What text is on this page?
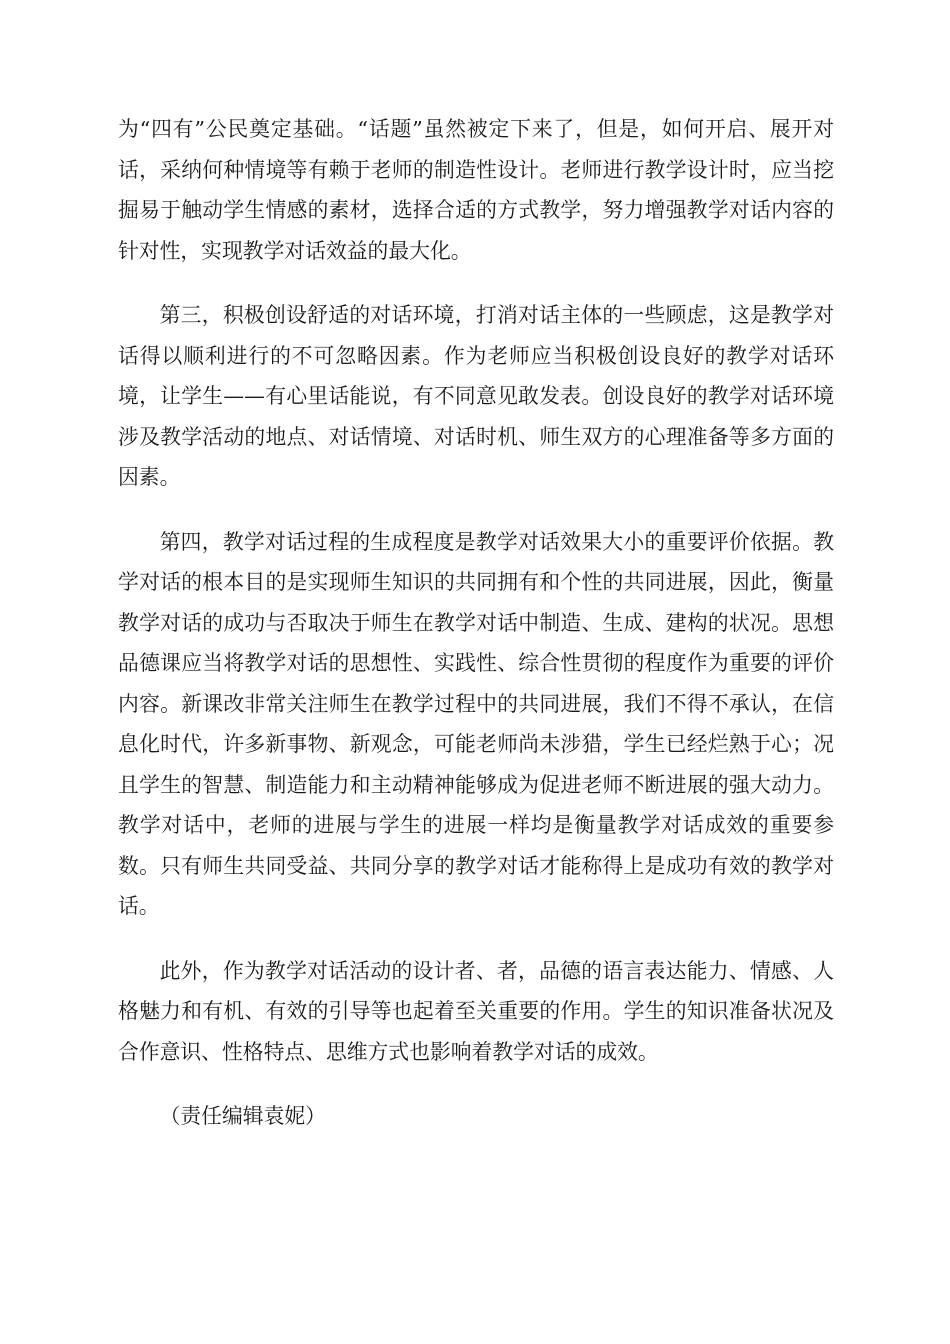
为“四有”公民奠定基础。“话题”虽然被定下来了，但是，如何开启、展开对话，采纳何种情境等有赖于老师的制造性设计。老师进行教学设计时，应当挖掘易于触动学生情感的素材，选择合适的方式教学，努力增强教学对话内容的针对性，实现教学对话效益的最大化。

第三，积极创设舒适的对话环境，打消对话主体的一些顾虑，这是教学对话得以顺利进行的不可忽略因素。作为老师应当积极创设良好的教学对话环境，让学生——有心里话能说，有不同意见敢发表。创设良好的教学对话环境涉及教学活动的地点、对话情境、对话时机、师生双方的心理准备等多方面的因素。

第四，教学对话过程的生成程度是教学对话效果大小的重要评价依据。教学对话的根本目的是实现师生知识的共同拥有和个性的共同进展，因此，衡量教学对话的成功与否取决于师生在教学对话中制造、生成、建构的状况。思想品德课应当将教学对话的思想性、实践性、综合性贯彻的程度作为重要的评价内容。新课改非常关注师生在教学过程中的共同进展，我们不得不承认，在信息化时代，许多新事物、新观念，可能老师尚未涉猎，学生已经烂熟于心；况且学生的智慧、制造能力和主动精神能够成为促进老师不断进展的强大动力。教学对话中，老师的进展与学生的进展一样均是衡量教学对话成效的重要参数。只有师生共同受益、共同分享的教学对话才能称得上是成功有效的教学对话。

此外，作为教学对话活动的设计者、者，品德的语言表达能力、情感、人格魅力和有机、有效的引导等也起着至关重要的作用。学生的知识准备状况及合作意识、性格特点、思维方式也影响着教学对话的成效。

（责任编辑袁妮）
